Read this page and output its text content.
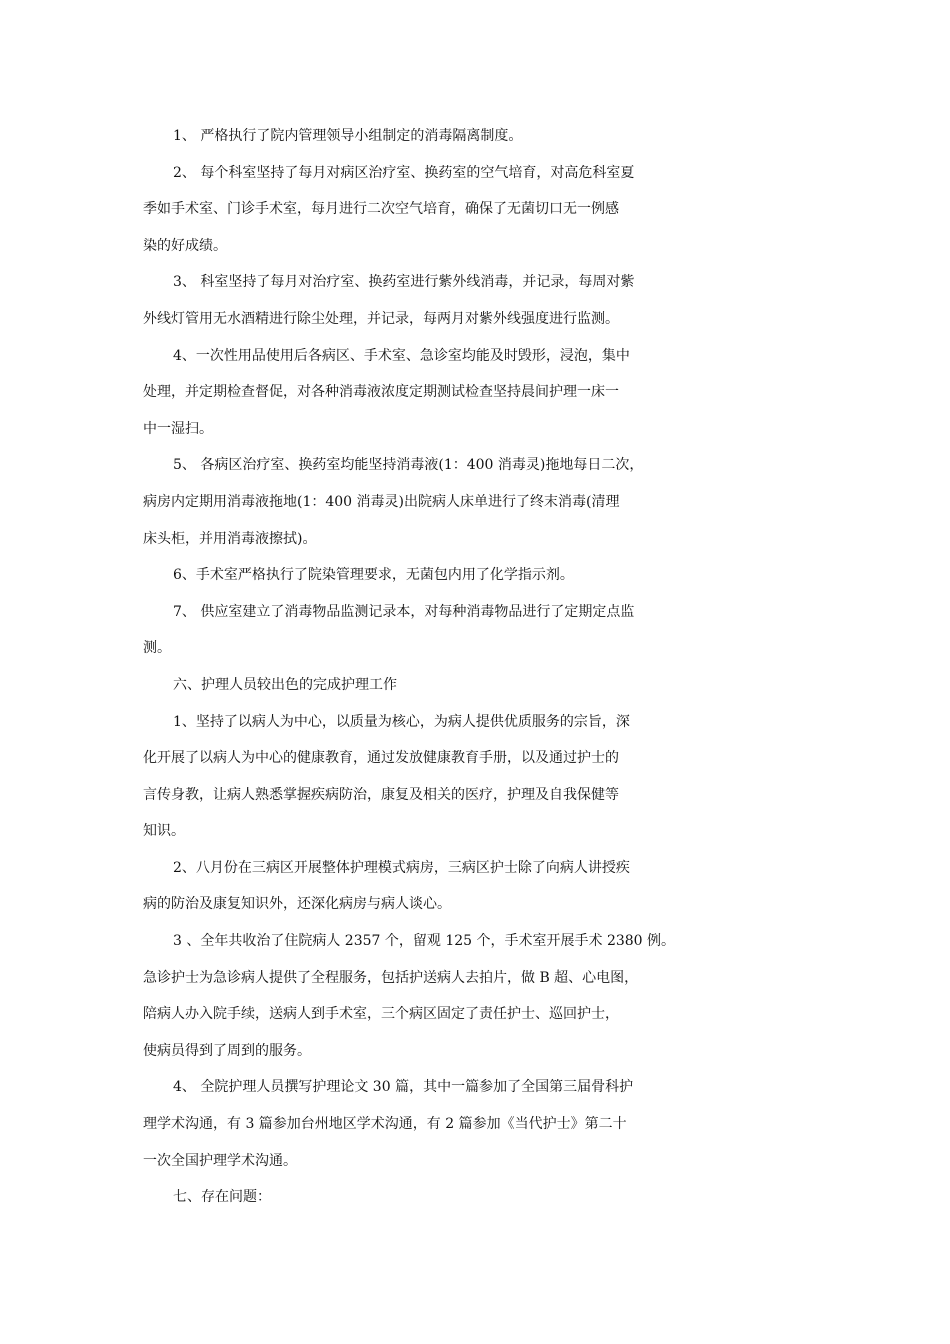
1、 严格执行了院内管理领导小组制定的消毒隔离制度。
2、 每个科室坚持了每月对病区治疗室、换药室的空气培育，对高危科室夏
季如手术室、门诊手术室，每月进行二次空气培育，确保了无菌切口无一例感
染的好成绩。
3、 科室坚持了每月对治疗室、换药室进行紫外线消毒，并记录，每周对紫
外线灯管用无水酒精进行除尘处理，并记录，每两月对紫外线强度进行监测。
4、一次性用品使用后各病区、手术室、急诊室均能及时毁形，浸泡，集中
处理，并定期检查督促，对各种消毒液浓度定期测试检查坚持晨间护理一床一
中一湿扫。
5、 各病区治疗室、换药室均能坚持消毒液(1：400 消毒灵)拖地每日二次，
病房内定期用消毒液拖地(1：400 消毒灵)出院病人床单进行了终末消毒(清理
床头柜，并用消毒液擦拭)。
6、手术室严格执行了院染管理要求，无菌包内用了化学指示剂。
7、 供应室建立了消毒物品监测记录本，对每种消毒物品进行了定期定点监
测。
六、护理人员较出色的完成护理工作
1、坚持了以病人为中心，以质量为核心，为病人提供优质服务的宗旨，深
化开展了以病人为中心的健康教育，通过发放健康教育手册，以及通过护士的
言传身教，让病人熟悉掌握疾病防治，康复及相关的医疗，护理及自我保健等
知识。
2、八月份在三病区开展整体护理模式病房，三病区护士除了向病人讲授疾
病的防治及康复知识外，还深化病房与病人谈心。
3 、全年共收治了住院病人 2357 个，留观 125 个，手术室开展手术 2380 例。
急诊护士为急诊病人提供了全程服务，包括护送病人去拍片，做 B 超、心电图，
陪病人办入院手续，送病人到手术室，三个病区固定了责任护士、巡回护士，
使病员得到了周到的服务。
4、 全院护理人员撰写护理论文 30 篇，其中一篇参加了全国第三届骨科护
理学术沟通，有 3 篇参加台州地区学术沟通，有 2 篇参加《当代护士》第二十
一次全国护理学术沟通。
七、存在问题：
